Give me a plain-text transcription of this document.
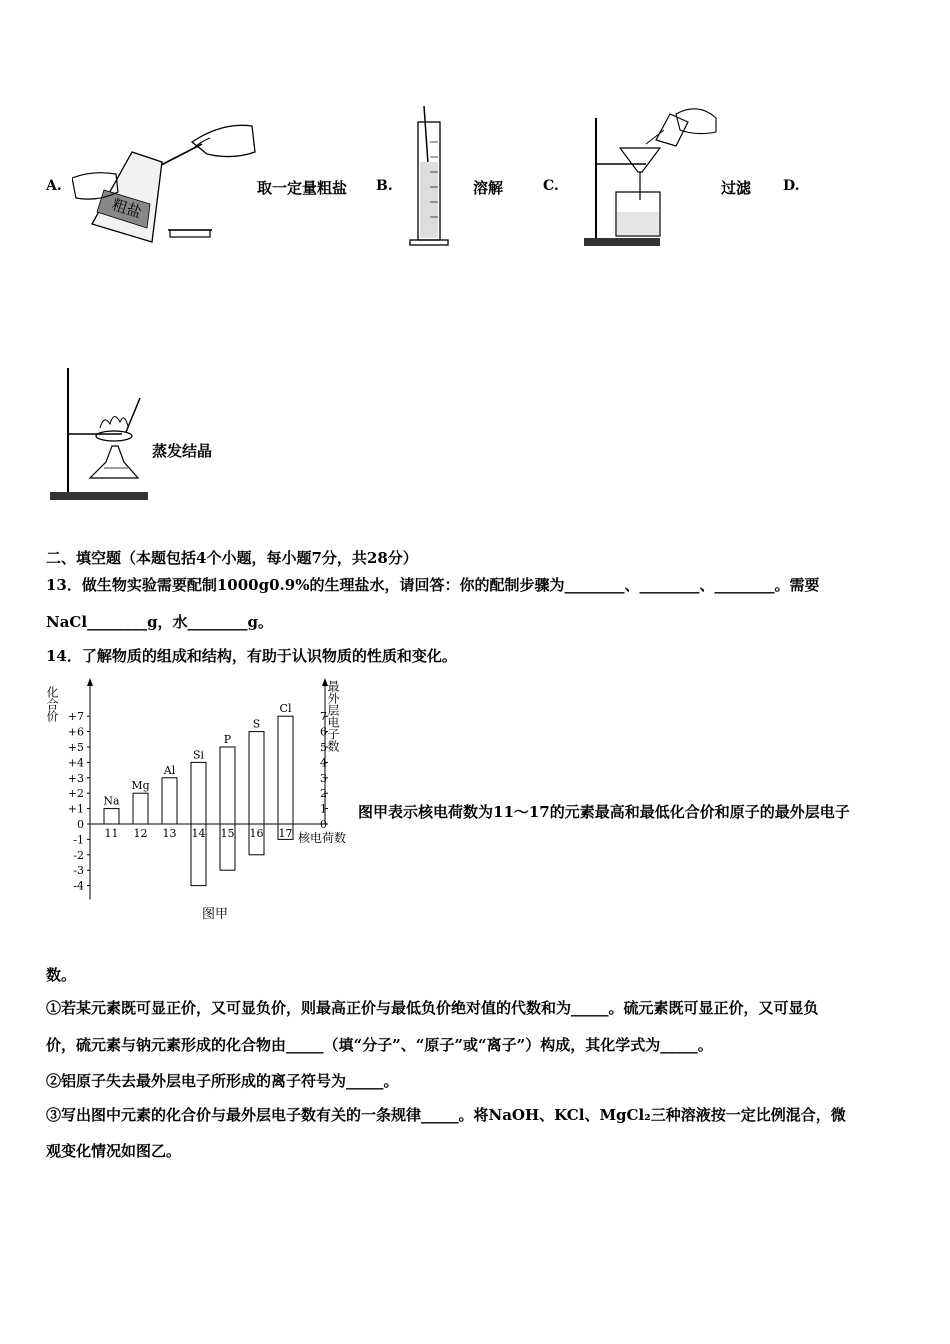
A.
粗盐
取一定量粗盐 B.	溶解	C.	过滤 D.
蒸发结晶
二、填空题（本题包括4个小题，每小题7分，共28分）
13．做生物实验需要配制1000g0.9%的生理盐水，请回答：你的配制步骤为________、________、________。需要
NaCl________g，水________g。
14．了解物质的组成和结构，有助于认识物质的性质和变化。
化合价	最外层电子数
核电荷数
图甲
+7
+6
+5
+4
+3
+2
+1
0
-1
-2
-3
-4
7
6
5
4
3
2
1
0
Na
11
Mg
12
Al
13
Si
14
P
15
S
16
Cl
17
图甲表示核电荷数为11～17的元素最高和最低化合价和原子的最外层电子
数。
①若某元素既可显正价，又可显负价，则最高正价与最低负价绝对值的代数和为_____。硫元素既可显正价，又可显负
价，硫元素与钠元素形成的化合物由_____（填“分子”、“原子”或“离子”）构成，其化学式为_____。
②铝原子失去最外层电子所形成的离子符号为_____。
③写出图中元素的化合价与最外层电子数有关的一条规律_____。将NaOH、KCl、MgCl₂三种溶液按一定比例混合，微
观变化情况如图乙。
